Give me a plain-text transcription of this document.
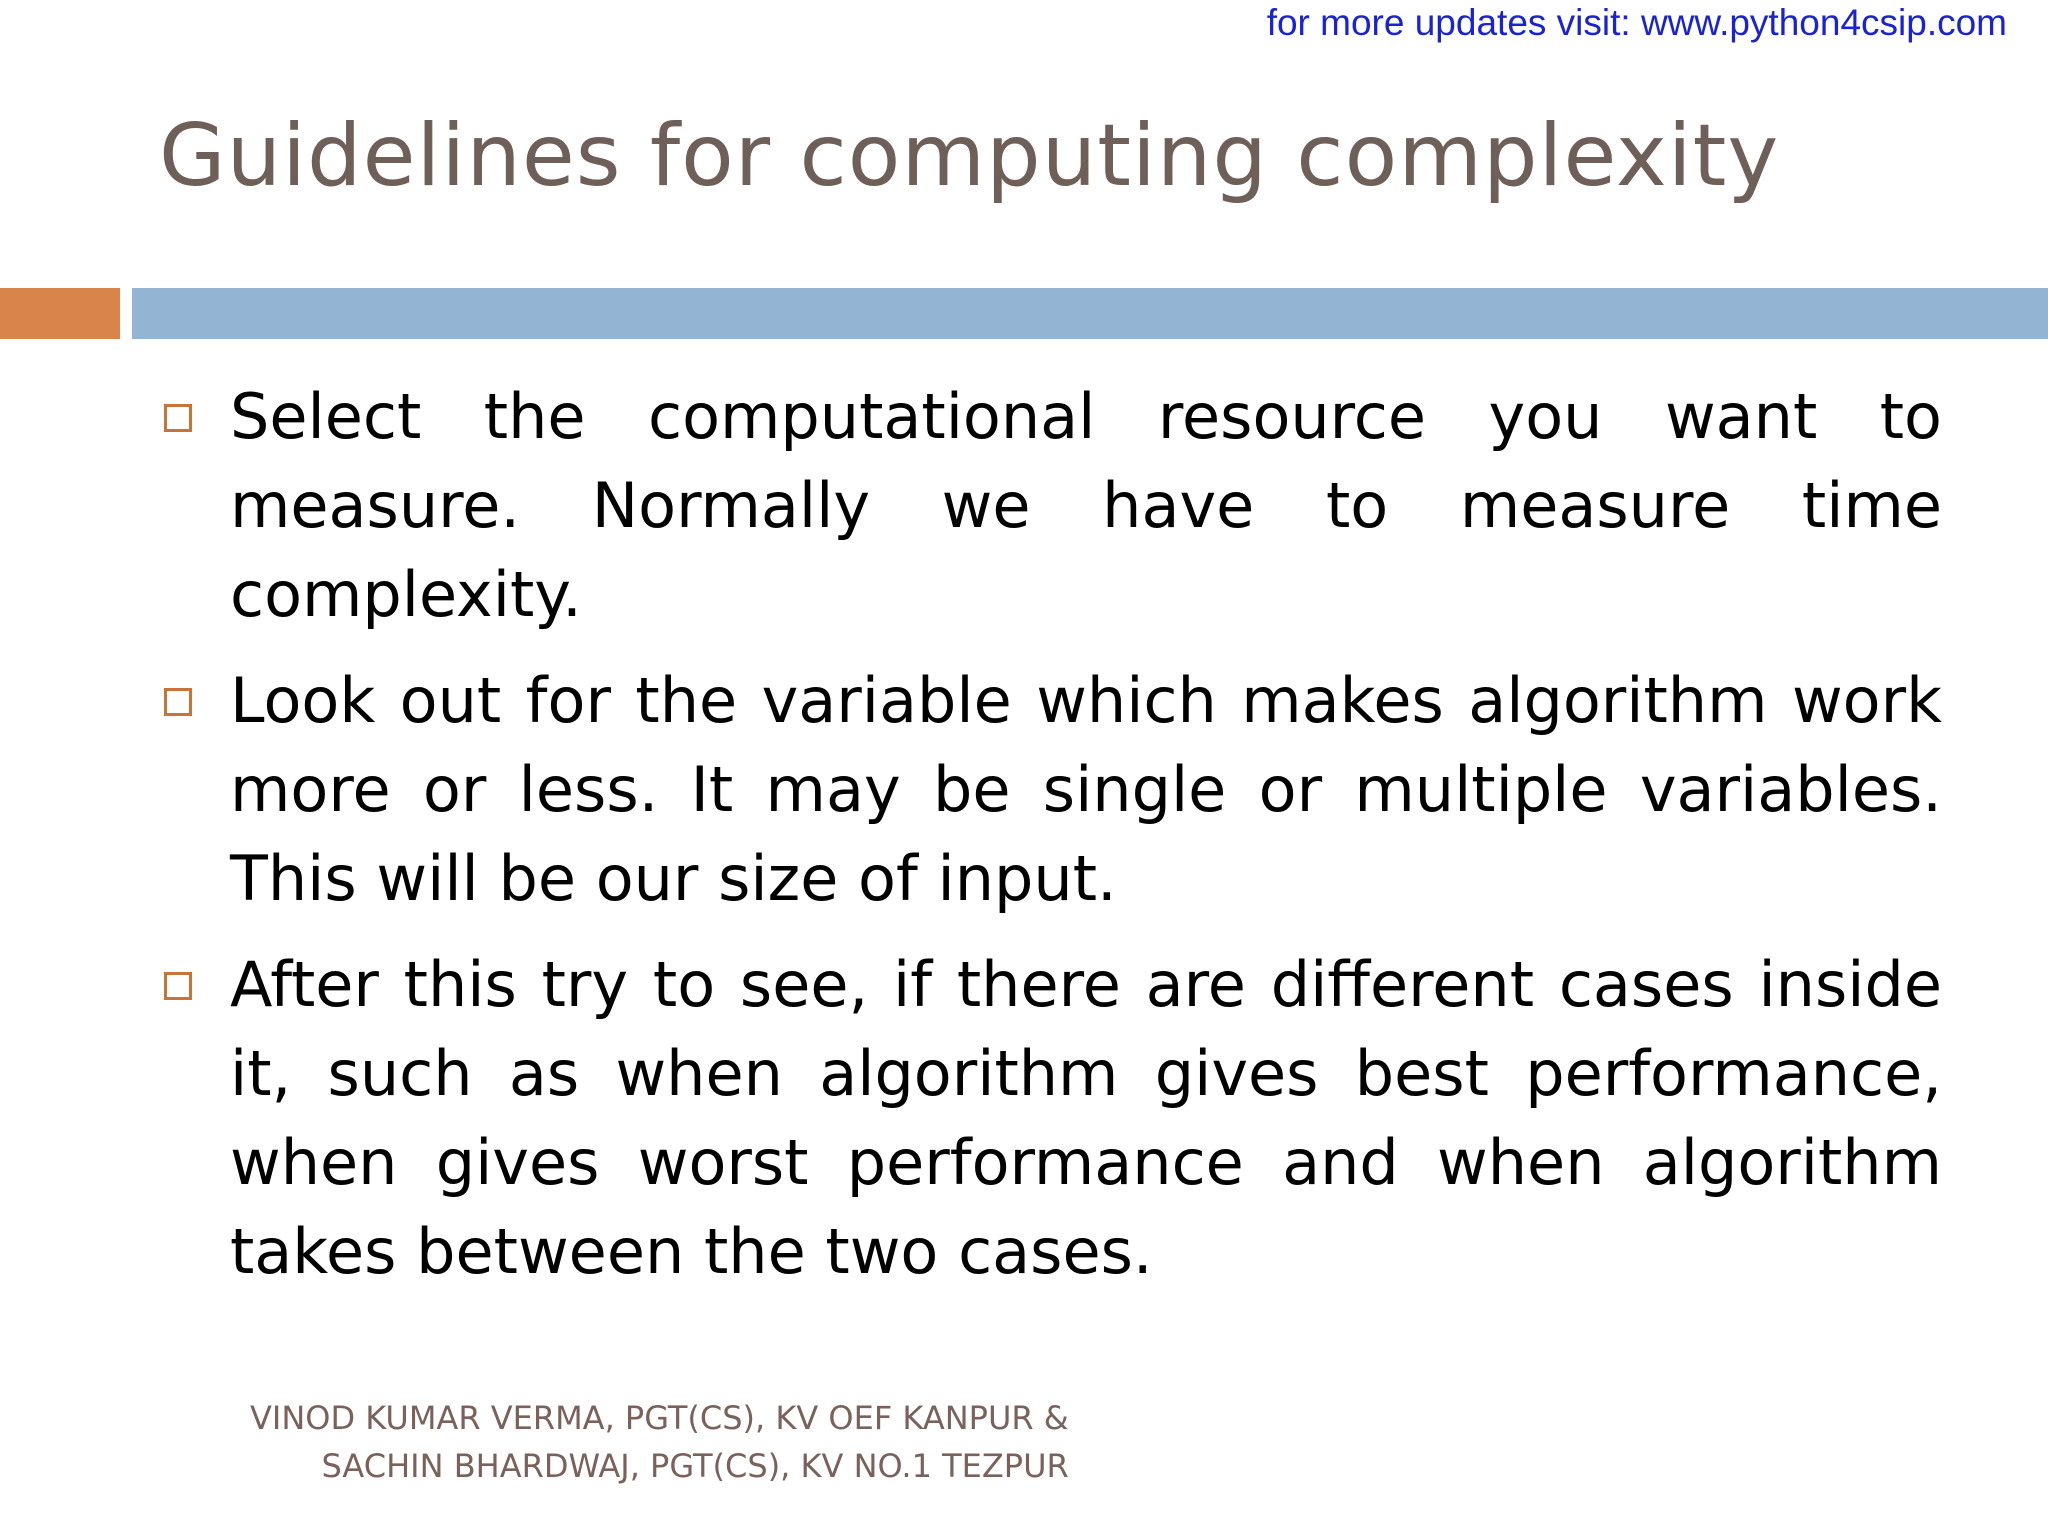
for more updates visit: www.python4csip.com
Guidelines for computing complexity
Select the computational resource you want to measure. Normally we have to measure time complexity.
Look out for the variable which makes algorithm work more or less. It may be single or multiple variables. This will be our size of input.
After this try to see, if there are different cases inside it, such as when algorithm gives best performance, when gives worst performance and when algorithm takes between the two cases.
VINOD KUMAR VERMA, PGT(CS), KV OEF KANPUR &
SACHIN BHARDWAJ, PGT(CS), KV NO.1 TEZPUR
